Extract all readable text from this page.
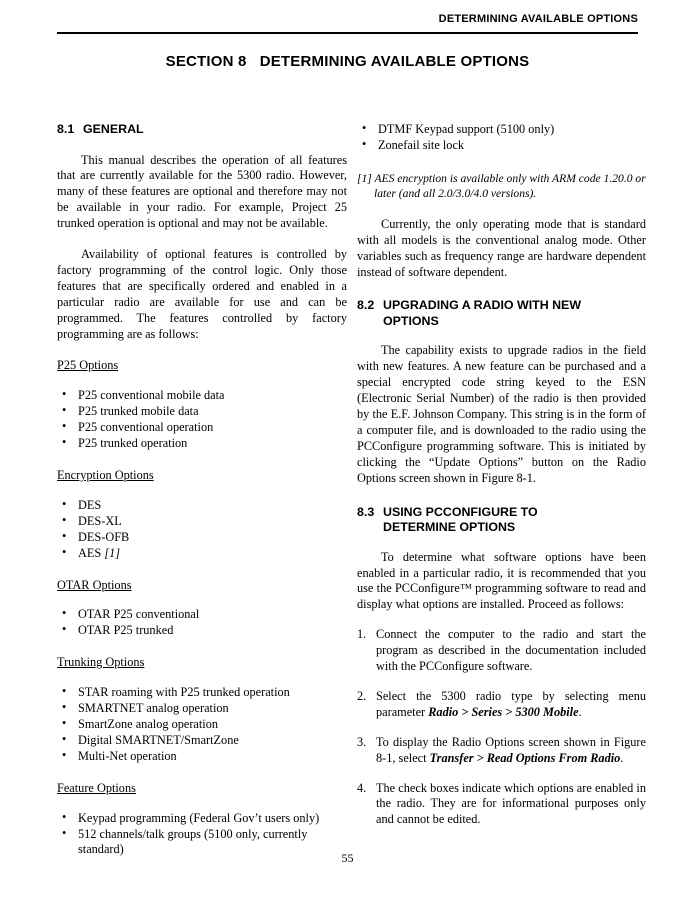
DETERMINING AVAILABLE OPTIONS
SECTION 8   DETERMINING AVAILABLE OPTIONS
8.1 GENERAL

This manual describes the operation of all features that are currently available for the 5300 radio. However, many of these features are optional and therefore may not be available in your radio. For example, Project 25 trunked operation is optional and may not be available.

Availability of optional features is controlled by factory programming of the control logic. Only those features that are specifically ordered and enabled in a particular radio are available for use and can be programmed. The features controlled by factory programming are as follows:

P25 Options
• P25 conventional mobile data
• P25 trunked mobile data
• P25 conventional operation
• P25 trunked operation
Encryption Options
• DES
• DES-XL
• DES-OFB
• AES [1]
OTAR Options
• OTAR P25 conventional
• OTAR P25 trunked
Trunking Options
• STAR roaming with P25 trunked operation
• SMARTNET analog operation
• SmartZone analog operation
• Digital SMARTNET/SmartZone
• Multi-Net operation
Feature Options
• Keypad programming (Federal Gov’t users only)
• 512 channels/talk groups (5100 only, currently standard)
• DTMF Keypad support (5100 only)
• Zonefail site lock
[1] AES encryption is available only with ARM code 1.20.0 or later (and all 2.0/3.0/4.0 versions).

Currently, the only operating mode that is standard with all models is the conventional analog mode. Other variables such as frequency range are hardware dependent instead of software dependent.

8.2 UPGRADING A RADIO WITH NEW OPTIONS

The capability exists to upgrade radios in the field with new features. A new feature can be purchased and a special encrypted code string keyed to the ESN (Electronic Serial Number) of the radio is then provided by the E.F. Johnson Company. This string is in the form of a computer file, and is downloaded to the radio using the PCConfigure programming software. This is initiated by clicking the “Update Options” button on the Radio Options screen shown in Figure 8-1.

8.3 USING PCCONFIGURE TO DETERMINE OPTIONS

To determine what software options have been enabled in a particular radio, it is recommended that you use the PCConfigure™ programming software to read and display what options are installed. Proceed as follows:

1. Connect the computer to the radio and start the program as described in the documentation included with the PCConfigure software.
2. Select the 5300 radio type by selecting menu parameter Radio > Series > 5300 Mobile.
3. To display the Radio Options screen shown in Figure 8-1, select Transfer > Read Options From Radio.
4. The check boxes indicate which options are enabled in the radio. They are for informational purposes only and cannot be edited.
55
